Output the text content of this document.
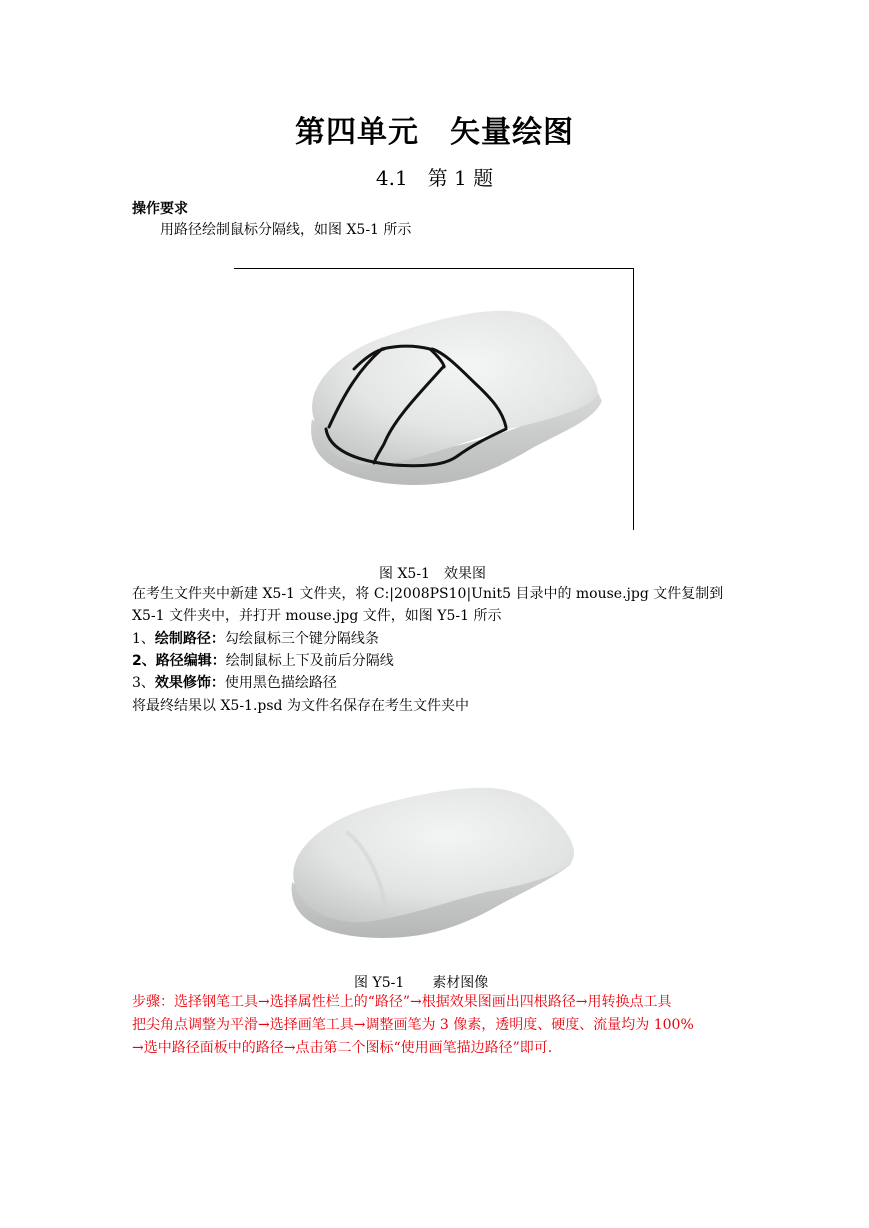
第四单元　矢量绘图
4.1　第 1 题
操作要求
用路径绘制鼠标分隔线，如图 X5-1 所示
图 X5-1　效果图
在考生文件夹中新建 X5-1 文件夹，将 C:|2008PS10|Unit5 目录中的 mouse.jpg 文件复制到
X5-1 文件夹中，并打开 mouse.jpg 文件，如图 Y5-1 所示
1、绘制路径：勾绘鼠标三个键分隔线条
2、路径编辑：绘制鼠标上下及前后分隔线
3、效果修饰：使用黑色描绘路径
将最终结果以 X5-1.psd 为文件名保存在考生文件夹中
图 Y5-1　　素材图像
步骤：选择钢笔工具→选择属性栏上的“路径”→根据效果图画出四根路径→用转换点工具
把尖角点调整为平滑→选择画笔工具→调整画笔为 3 像素，透明度、硬度、流量均为 100%
→选中路径面板中的路径→点击第二个图标“使用画笔描边路径”即可.
